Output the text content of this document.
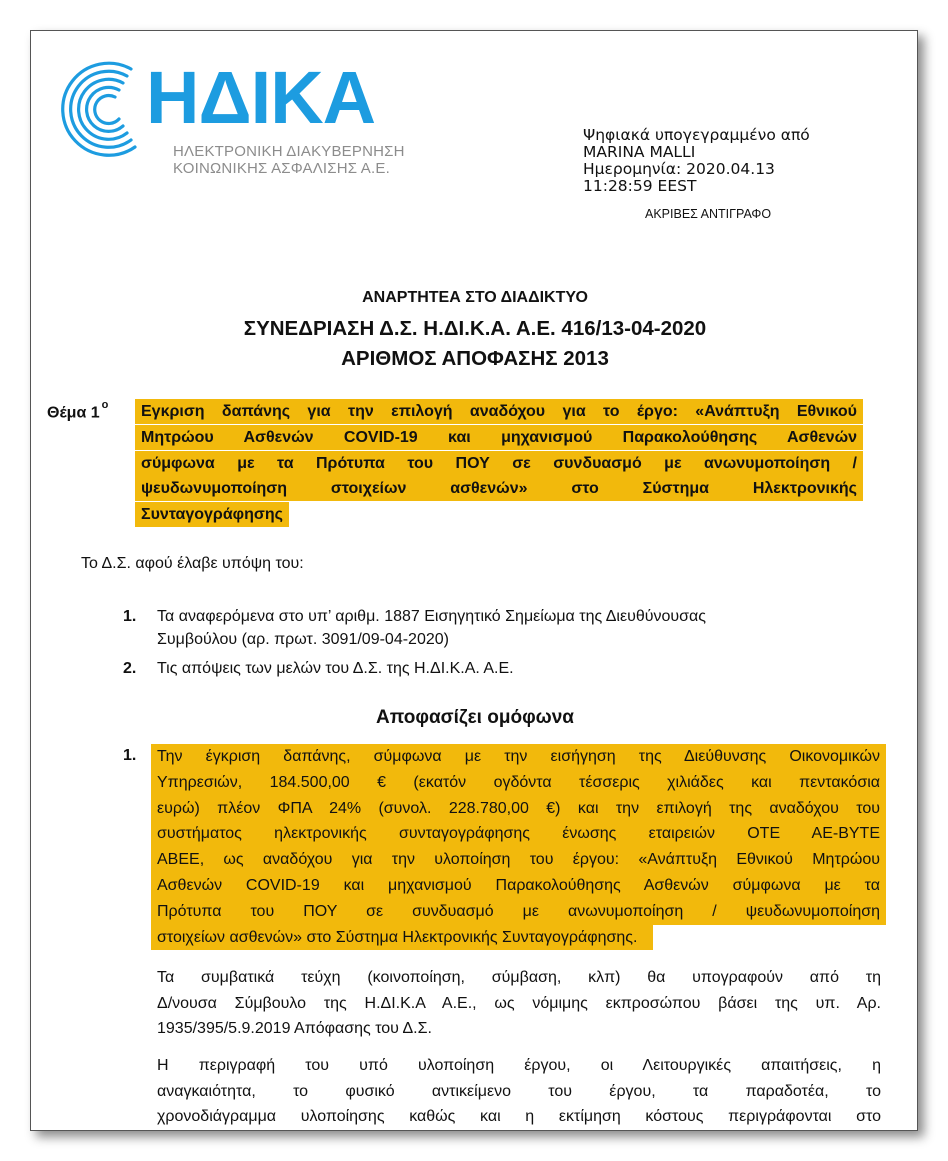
ΗΔΙΚΑ
ΗΛΕΚΤΡΟΝΙΚΗ ΔΙΑΚΥΒΕΡΝΗΣΗ
ΚΟΙΝΩΝΙΚΗΣ ΑΣΦΑΛΙΣΗΣ Α.Ε.
Ψηφιακά υπογεγραμμένο από
MARINA MALLI
Ημερομηνία: 2020.04.13
11:28:59 EEST
ΑΚΡΙΒΕΣ ΑΝΤΙΓΡΑΦΟ
ΑΝΑΡΤΗΤΕΑ ΣΤΟ ΔΙΑΔΙΚΤΥΟ
ΣΥΝΕΔΡΙΑΣΗ Δ.Σ. Η.ΔΙ.Κ.Α. Α.Ε. 416/13-04-2020
ΑΡΙΘΜΟΣ ΑΠΟΦΑΣΗΣ 2013
Θέμα 1 $^o$	Εγκριση δαπάνης για την επιλογή αναδόχου για το έργο: «Ανάπτυξη Εθνικού
Μητρώου Ασθενών COVID-19 και μηχανισμού Παρακολούθησης Ασθενών
σύμφωνα με τα Πρότυπα του ΠΟΥ σε συνδυασμό με ανωνυμοποίηση /
ψευδωνυμοποίηση στοιχείων ασθενών» στο Σύστημα Ηλεκτρονικής
Συνταγογράφησης
Το Δ.Σ. αφού έλαβε υπόψη του:
1. Τα αναφερόμενα στο υπ’ αριθμ. 1887 Εισηγητικό Σημείωμα της Διευθύνουσας
Συμβούλου (αρ. πρωτ. 3091/09-04-2020)
2. Τις απόψεις των μελών του Δ.Σ. της Η.ΔΙ.Κ.Α. Α.Ε.
Αποφασίζει ομόφωνα
1.	Την έγκριση δαπάνης, σύμφωνα με την εισήγηση της Διεύθυνσης Οικονομικών
Υπηρεσιών, 184.500,00 € (εκατόν ογδόντα τέσσερις χιλιάδες και πεντακόσια
ευρώ) πλέον ΦΠΑ 24% (συνολ. 228.780,00 €) και την επιλογή της αναδόχου του
συστήματος ηλεκτρονικής συνταγογράφησης ένωσης εταιρειών ΟΤΕ ΑΕ-ΒΥΤΕ
ΑΒΕΕ, ως αναδόχου για την υλοποίηση του έργου: «Ανάπτυξη Εθνικού Μητρώου
Ασθενών COVID-19 και μηχανισμού Παρακολούθησης Ασθενών σύμφωνα με τα
Πρότυπα του ΠΟΥ σε συνδυασμό με ανωνυμοποίηση / ψευδωνυμοποίηση
στοιχείων ασθενών» στο Σύστημα Ηλεκτρονικής Συνταγογράφησης.
Τα συμβατικά τεύχη (κοινοποίηση, σύμβαση, κλπ) θα υπογραφούν από τη
Δ/νουσα Σύμβουλο της Η.ΔΙ.Κ.Α Α.Ε., ως νόμιμης εκπροσώπου βάσει της υπ. Αρ.
1935/395/5.9.2019 Απόφασης του Δ.Σ.
Η περιγραφή του υπό υλοποίηση έργου, οι Λειτουργικές απαιτήσεις, η
αναγκαιότητα, το φυσικό αντικείμενο του έργου, τα παραδοτέα, το
χρονοδιάγραμμα υλοποίησης καθώς και η εκτίμηση κόστους περιγράφονται στο
